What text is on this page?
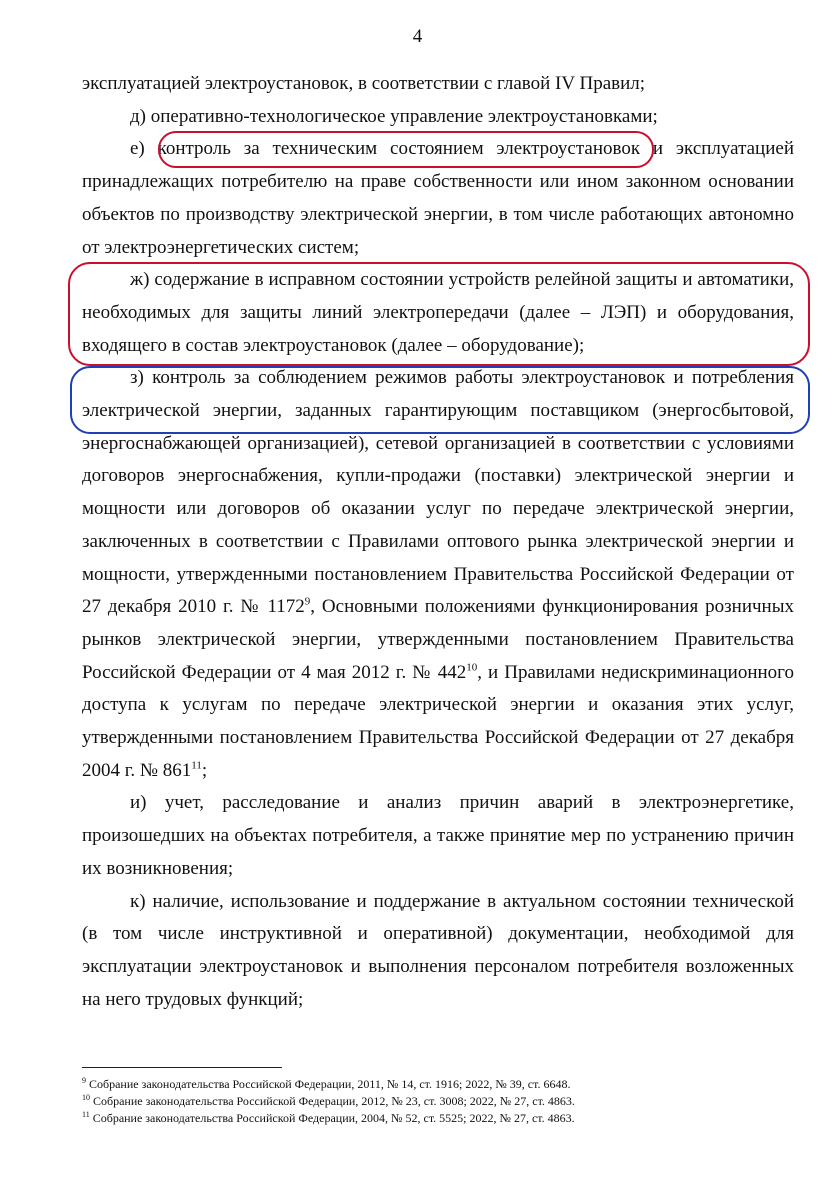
4

эксплуатацией электроустановок, в соответствии с главой IV Правил;

д) оперативно-технологическое управление электроустановками;

е) контроль за техническим состоянием электроустановок и эксплуатацией принадлежащих потребителю на праве собственности или ином законном основании объектов по производству электрической энергии, в том числе работающих автономно от электроэнергетических систем;

ж) содержание в исправном состоянии устройств релейной защиты и автоматики, необходимых для защиты линий электропередачи (далее – ЛЭП) и оборудования, входящего в состав электроустановок (далее – оборудование);

з) контроль за соблюдением режимов работы электроустановок и потребления электрической энергии, заданных гарантирующим поставщиком (энергосбытовой, энергоснабжающей организацией), сетевой организацией в соответствии с условиями договоров энергоснабжения, купли-продажи (поставки) электрической энергии и мощности или договоров об оказании услуг по передаче электрической энергии, заключенных в соответствии с Правилами оптового рынка электрической энергии и мощности, утвержденными постановлением Правительства Российской Федерации от 27 декабря 2010 г. № 1172$^9$, Основными положениями функционирования розничных рынков электрической энергии, утвержденными постановлением Правительства Российской Федерации от 4 мая 2012 г. № $442^{10}$, и Правилами недискриминационного доступа к услугам по передаче электрической энергии и оказания этих услуг, утвержденными постановлением Правительства Российской Федерации от 27 декабря 2004 г. № $861^{11}$;

и) учет, расследование и анализ причин аварий в электроэнергетике, произошедших на объектах потребителя, а также принятие мер по устранению причин их возникновения;

к) наличие, использование и поддержание в актуальном состоянии технической (в том числе инструктивной и оперативной) документации, необходимой для эксплуатации электроустановок и выполнения персоналом потребителя возложенных на него трудовых функций;

$^9$ Собрание законодательства Российской Федерации, 2011, № 14, ст. 1916; 2022, № 39, ст. 6648.

$^{10}$ Собрание законодательства Российской Федерации, 2012, № 23, ст. 3008; 2022, № 27, ст. 4863.

$^{11}$ Собрание законодательства Российской Федерации, 2004, № 52, ст. 5525; 2022, № 27, ст. 4863.
